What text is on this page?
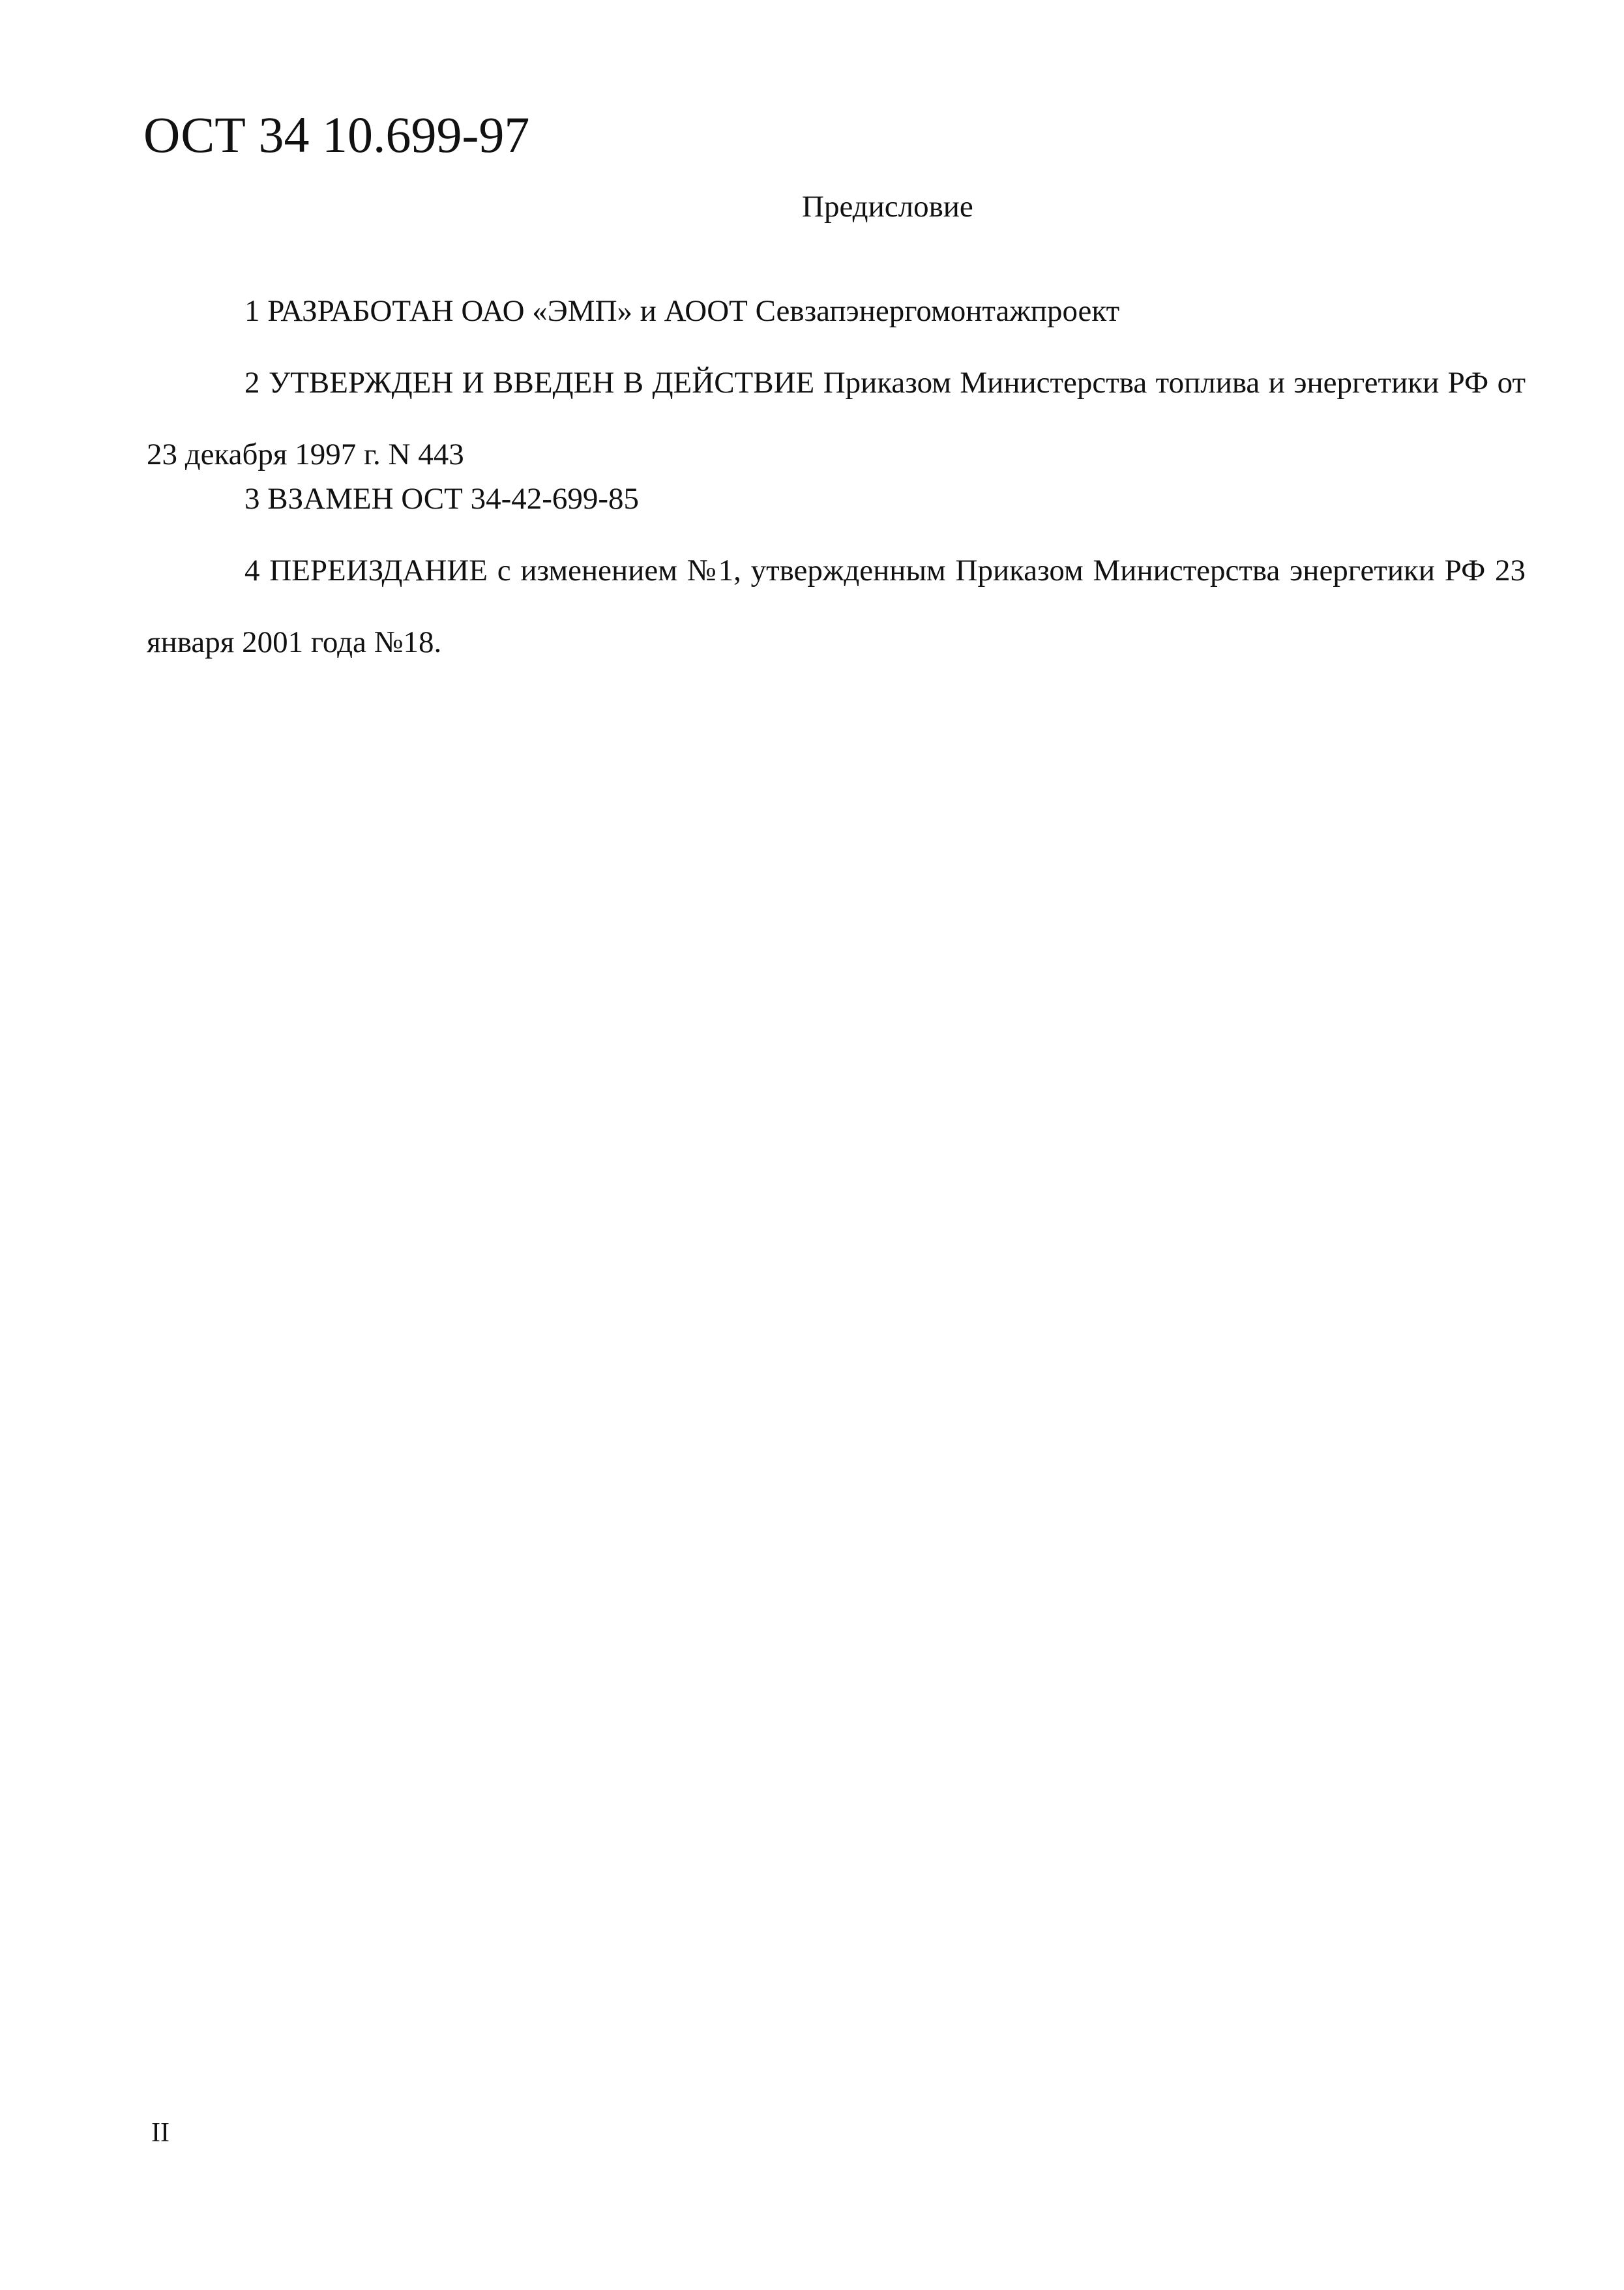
ОСТ 34 10.699-97
Предисловие

1 РАЗРАБОТАН ОАО «ЭМП» и АООТ Севзапэнергомонтажпроект

2 УТВЕРЖДЕН И ВВЕДЕН В ДЕЙСТВИЕ Приказом Министерства топлива и энергетики РФ от 23 декабря 1997 г. N 443

3 ВЗАМЕН ОСТ 34-42-699-85

4 ПЕРЕИЗДАНИЕ с изменением №1, утвержденным Приказом Министерства энергетики РФ 23 января 2001 года №18.

II
